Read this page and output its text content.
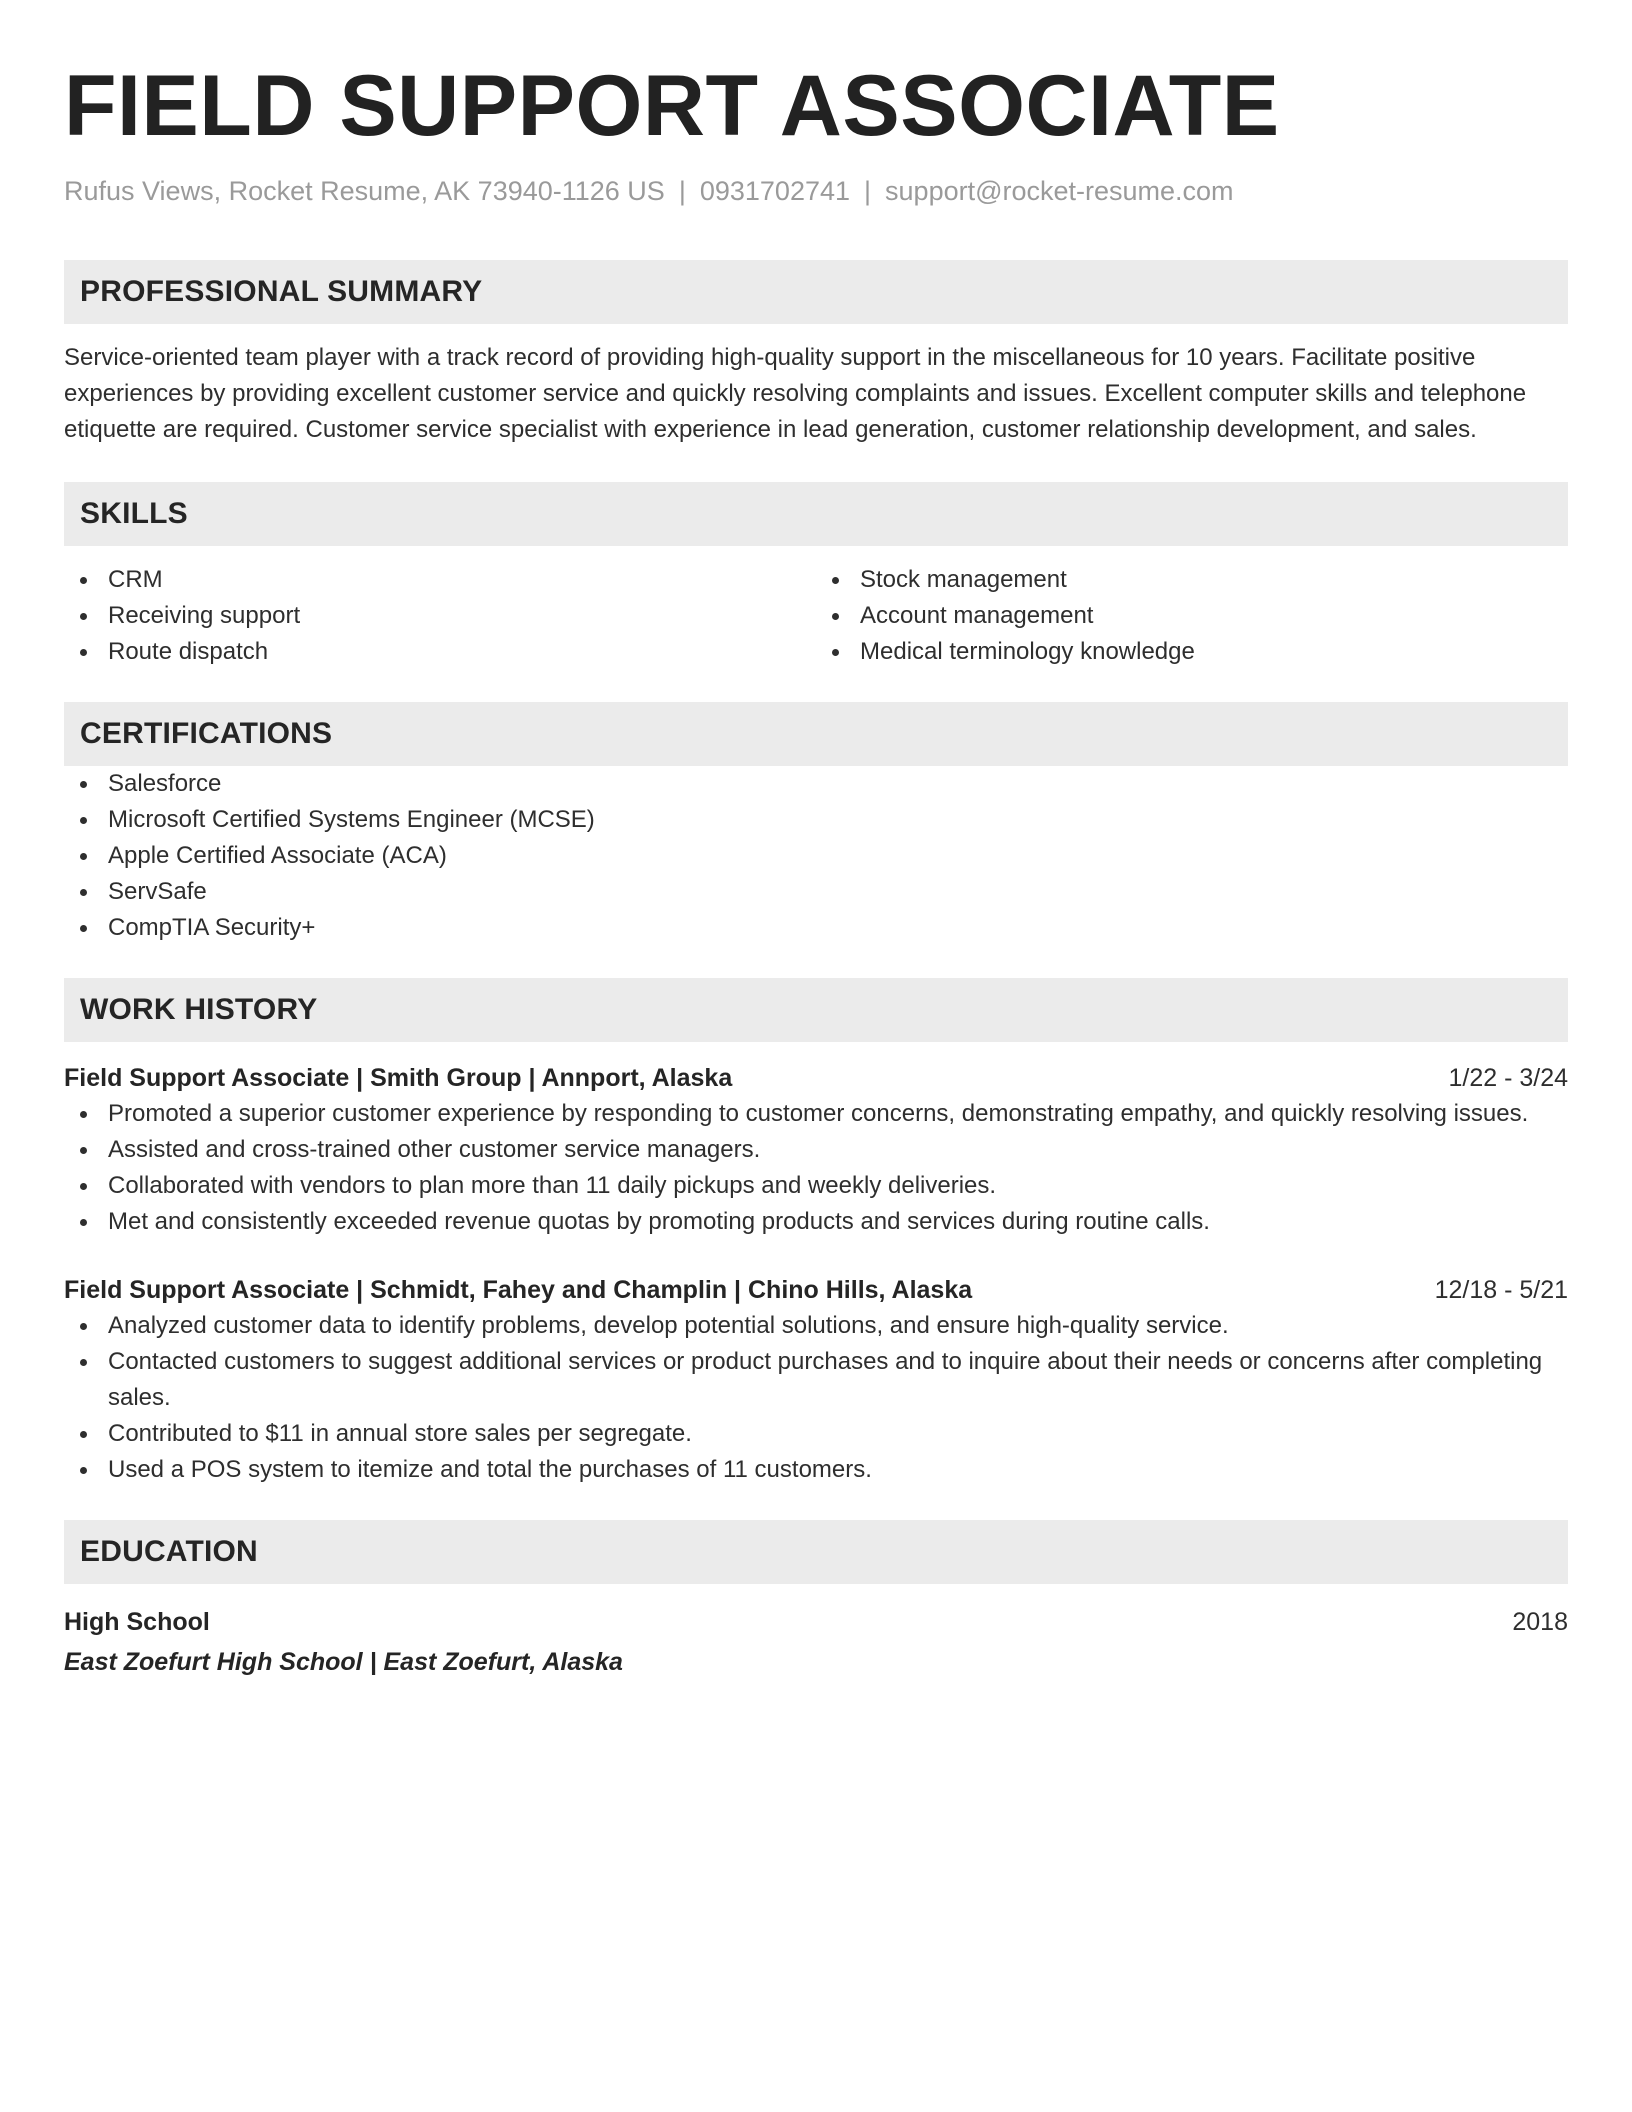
FIELD SUPPORT ASSOCIATE
Rufus Views, Rocket Resume, AK 73940-1126 US | 0931702741 | support@rocket-resume.com
PROFESSIONAL SUMMARY
Service-oriented team player with a track record of providing high-quality support in the miscellaneous for 10 years. Facilitate positive experiences by providing excellent customer service and quickly resolving complaints and issues. Excellent computer skills and telephone etiquette are required. Customer service specialist with experience in lead generation, customer relationship development, and sales.
SKILLS
CRM
Receiving support
Route dispatch
Stock management
Account management
Medical terminology knowledge
CERTIFICATIONS
Salesforce
Microsoft Certified Systems Engineer (MCSE)
Apple Certified Associate (ACA)
ServSafe
CompTIA Security+
WORK HISTORY
Field Support Associate | Smith Group | Annport, Alaska	1/22 - 3/24
Promoted a superior customer experience by responding to customer concerns, demonstrating empathy, and quickly resolving issues.
Assisted and cross-trained other customer service managers.
Collaborated with vendors to plan more than 11 daily pickups and weekly deliveries.
Met and consistently exceeded revenue quotas by promoting products and services during routine calls.
Field Support Associate | Schmidt, Fahey and Champlin | Chino Hills, Alaska	12/18 - 5/21
Analyzed customer data to identify problems, develop potential solutions, and ensure high-quality service.
Contacted customers to suggest additional services or product purchases and to inquire about their needs or concerns after completing sales.
Contributed to $11 in annual store sales per segregate.
Used a POS system to itemize and total the purchases of 11 customers.
EDUCATION
High School	2018
East Zoefurt High School | East Zoefurt, Alaska
